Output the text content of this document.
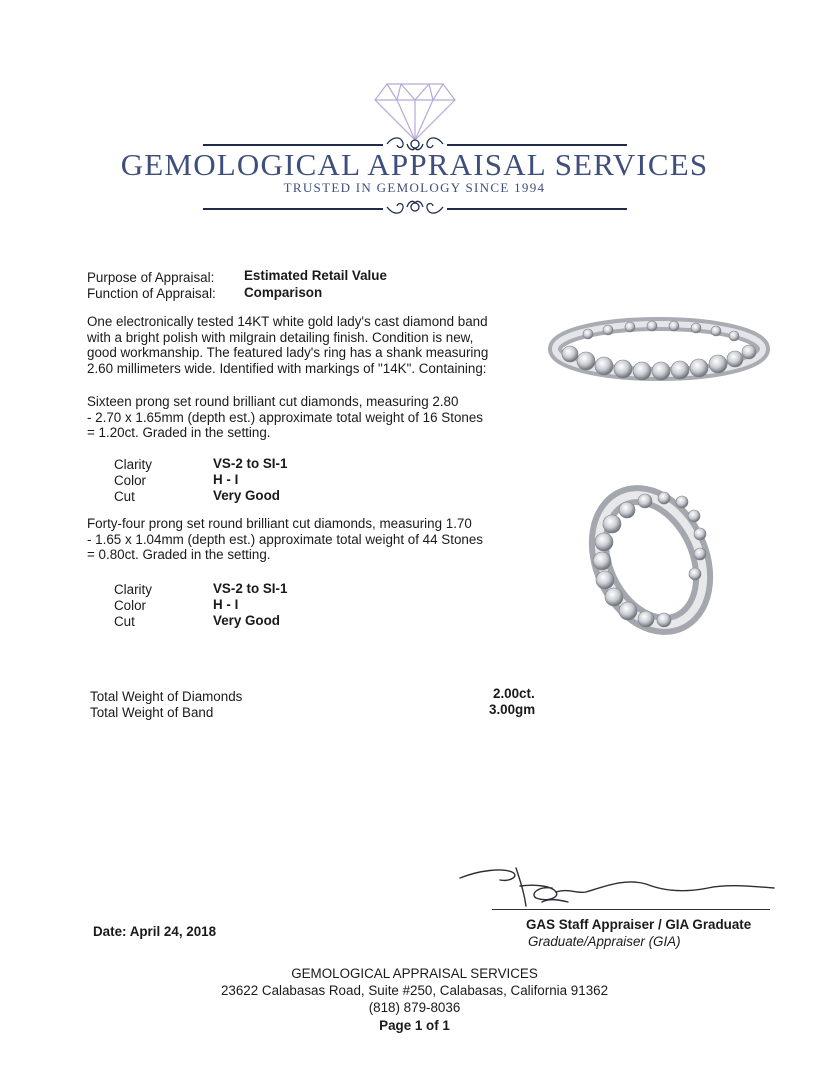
GEMOLOGICAL APPRAISAL SERVICES
TRUSTED IN GEMOLOGY SINCE 1994
Purpose of Appraisal: Estimated Retail Value
Function of Appraisal: Comparison
One electronically tested 14KT white gold lady's cast diamond band
with a bright polish with milgrain detailing finish. Condition is new,
good workmanship. The featured lady's ring has a shank measuring
2.60 millimeters wide. Identified with markings of "14K". Containing:
Sixteen prong set round brilliant cut diamonds, measuring 2.80
- 2.70 x 1.65mm (depth est.) approximate total weight of 16 Stones
= 1.20ct. Graded in the setting.
Clarity	VS-2 to SI-1
Color	H - I
Cut	Very Good
Forty-four prong set round brilliant cut diamonds, measuring 1.70
- 1.65 x 1.04mm (depth est.) approximate total weight of 44 Stones
= 0.80ct. Graded in the setting.
Clarity	VS-2 to SI-1
Color	H - I
Cut	Very Good
Total Weight of Diamonds	2.00ct.
Total Weight of Band	3.00gm
Date: April 24, 2018	GAS Staff Appraiser / GIA Graduate
Graduate/Appraiser (GIA)
GEMOLOGICAL APPRAISAL SERVICES
23622 Calabasas Road, Suite #250, Calabasas, California 91362
(818) 879-8036
Page 1 of 1
